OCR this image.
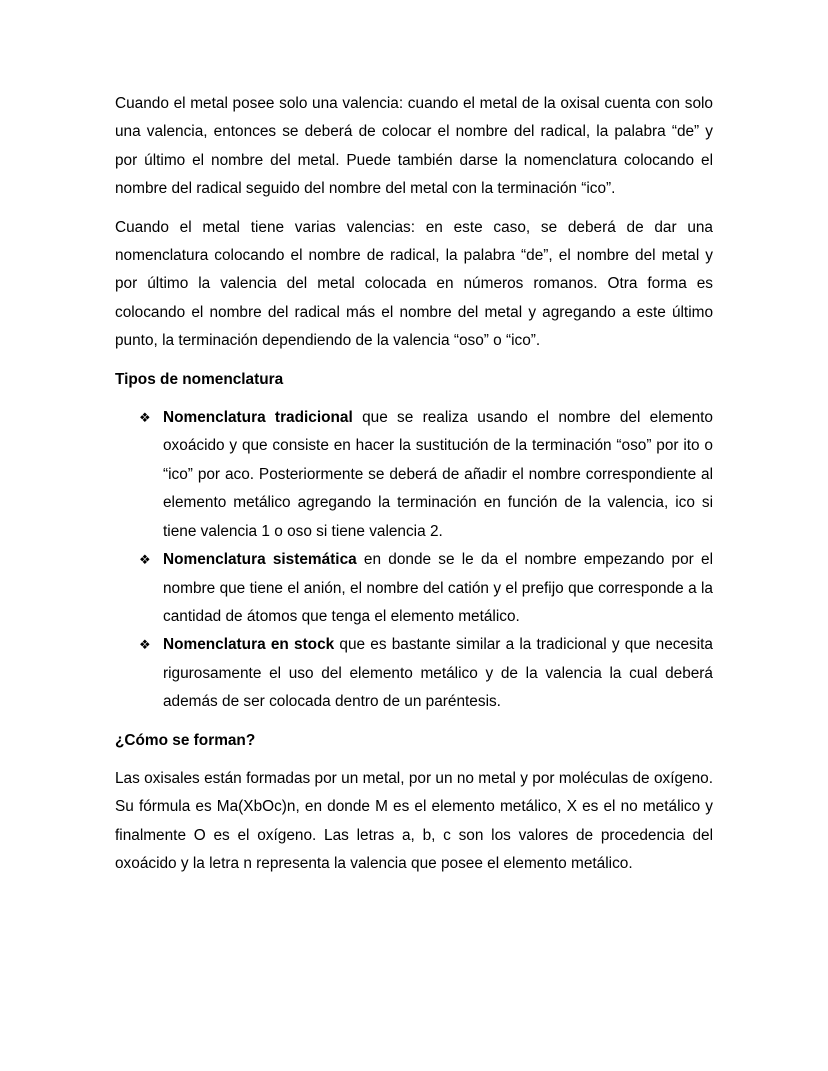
Cuando el metal posee solo una valencia: cuando el metal de la oxisal cuenta con solo una valencia, entonces se deberá de colocar el nombre del radical, la palabra “de” y por último el nombre del metal. Puede también darse la nomenclatura colocando el nombre del radical seguido del nombre del metal con la terminación “ico”.

Cuando el metal tiene varias valencias: en este caso, se deberá de dar una nomenclatura colocando el nombre de radical, la palabra “de”, el nombre del metal y por último la valencia del metal colocada en números romanos. Otra forma es colocando el nombre del radical más el nombre del metal y agregando a este último punto, la terminación dependiendo de la valencia “oso” o “ico”.

Tipos de nomenclatura

❖ Nomenclatura tradicional que se realiza usando el nombre del elemento oxoácido y que consiste en hacer la sustitución de la terminación “oso” por ito o “ico” por aco. Posteriormente se deberá de añadir el nombre correspondiente al elemento metálico agregando la terminación en función de la valencia, ico si tiene valencia 1 o oso si tiene valencia 2.
❖ Nomenclatura sistemática en donde se le da el nombre empezando por el nombre que tiene el anión, el nombre del catión y el prefijo que corresponde a la cantidad de átomos que tenga el elemento metálico.
❖ Nomenclatura en stock que es bastante similar a la tradicional y que necesita rigurosamente el uso del elemento metálico y de la valencia la cual deberá además de ser colocada dentro de un paréntesis.

¿Cómo se forman?

Las oxisales están formadas por un metal, por un no metal y por moléculas de oxígeno. Su fórmula es Ma(XbOc)n, en donde M es el elemento metálico, X es el no metálico y finalmente O es el oxígeno. Las letras a, b, c son los valores de procedencia del oxoácido y la letra n representa la valencia que posee el elemento metálico.
